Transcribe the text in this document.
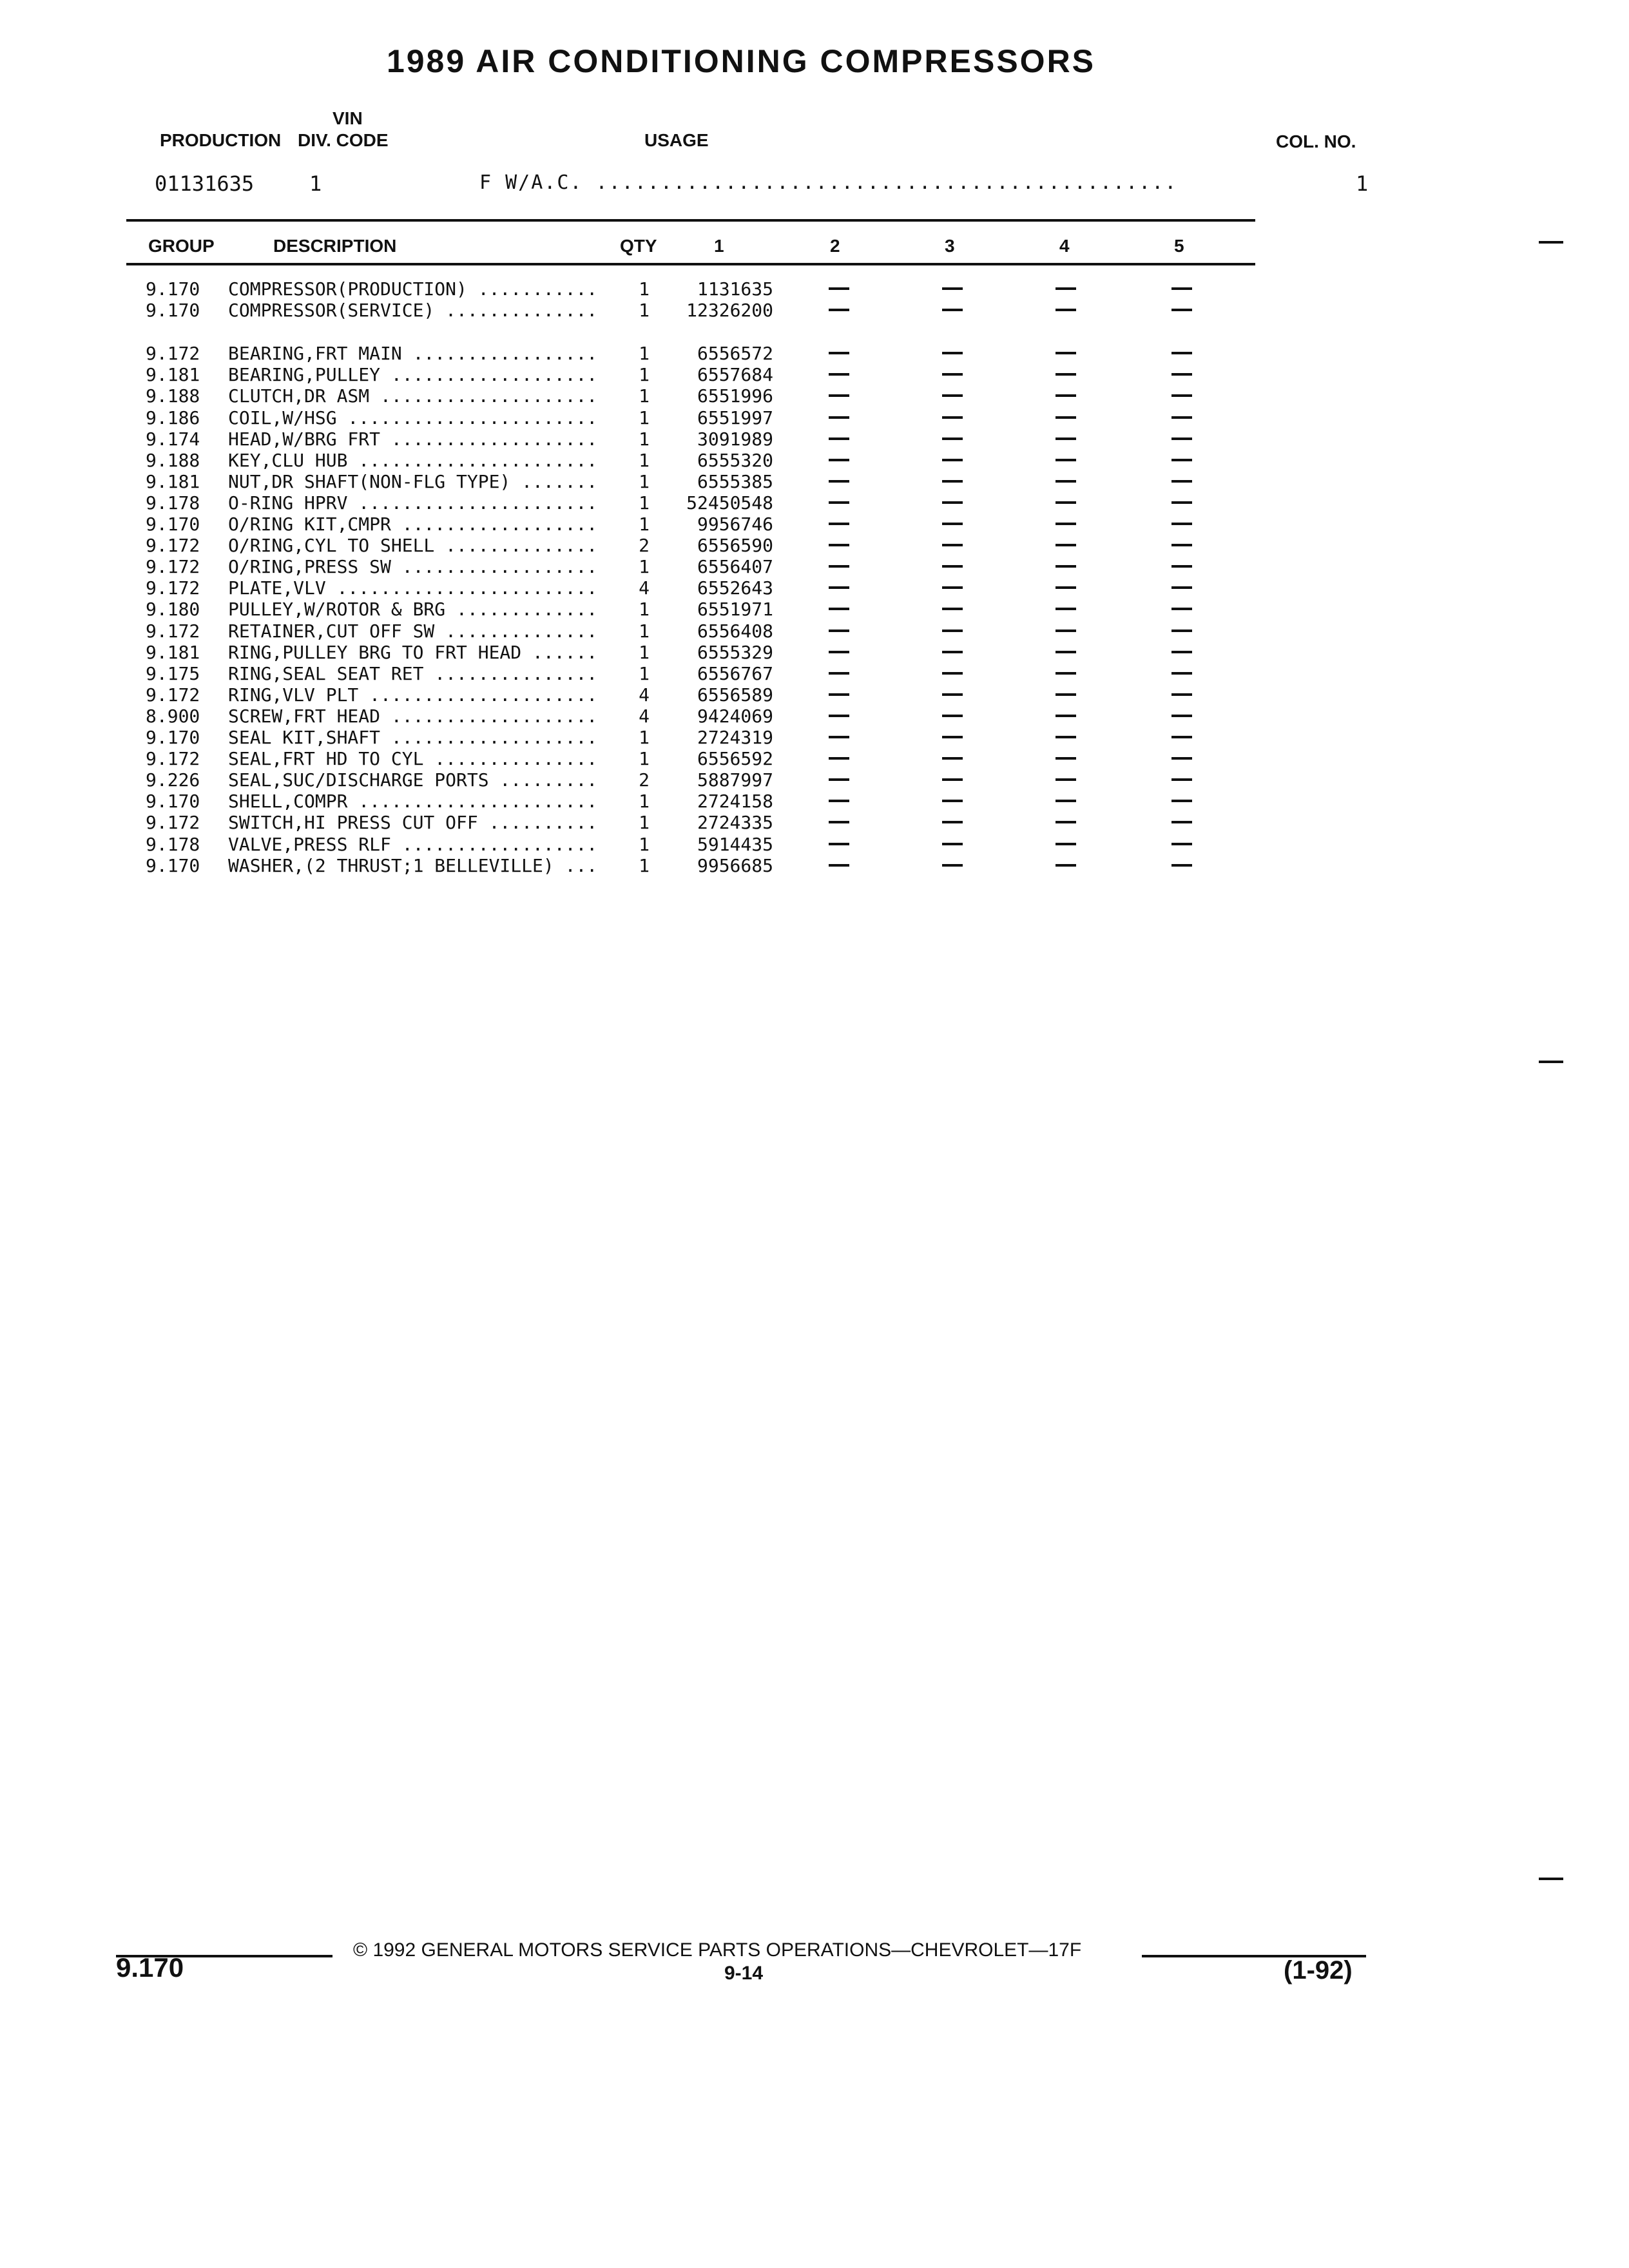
1989 AIR CONDITIONING COMPRESSORS
VIN
PRODUCTION DIV. CODE	USAGE	COL. NO.
01131635	1	F W/A.C. .............................................	1
GROUP	DESCRIPTION	QTY	1	2	3	4	5
9.170 COMPRESSOR(PRODUCTION) ...........	1	1131635
9.170 COMPRESSOR(SERVICE) ..............	1	12326200
9.172 BEARING,FRT MAIN .................	1	6556572
9.181 BEARING,PULLEY ...................	1	6557684
9.188 CLUTCH,DR ASM ....................	1	6551996
9.186 COIL,W/HSG .......................	1	6551997
9.174 HEAD,W/BRG FRT ...................	1	3091989
9.188 KEY,CLU HUB ......................	1	6555320
9.181 NUT,DR SHAFT(NON-FLG TYPE) .......	1	6555385
9.178 O-RING HPRV ......................	1	52450548
9.170 O/RING KIT,CMPR ..................	1	9956746
9.172 O/RING,CYL TO SHELL ..............	2	6556590
9.172 O/RING,PRESS SW ..................	1	6556407
9.172 PLATE,VLV ........................	4	6552643
9.180 PULLEY,W/ROTOR & BRG .............	1	6551971
9.172 RETAINER,CUT OFF SW ..............	1	6556408
9.181 RING,PULLEY BRG TO FRT HEAD ......	1	6555329
9.175 RING,SEAL SEAT RET ...............	1	6556767
9.172 RING,VLV PLT .....................	4	6556589
8.900 SCREW,FRT HEAD ...................	4	9424069
9.170 SEAL KIT,SHAFT ...................	1	2724319
9.172 SEAL,FRT HD TO CYL ...............	1	6556592
9.226 SEAL,SUC/DISCHARGE PORTS .........	2	5887997
9.170 SHELL,COMPR ......................	1	2724158
9.172 SWITCH,HI PRESS CUT OFF ..........	1	2724335
9.178 VALVE,PRESS RLF ..................	1	5914435
9.170 WASHER,(2 THRUST;1 BELLEVILLE) ...	1	9956685
© 1992 GENERAL MOTORS SERVICE PARTS OPERATIONS—CHEVROLET—17F
9.170	9-14	(1-92)
